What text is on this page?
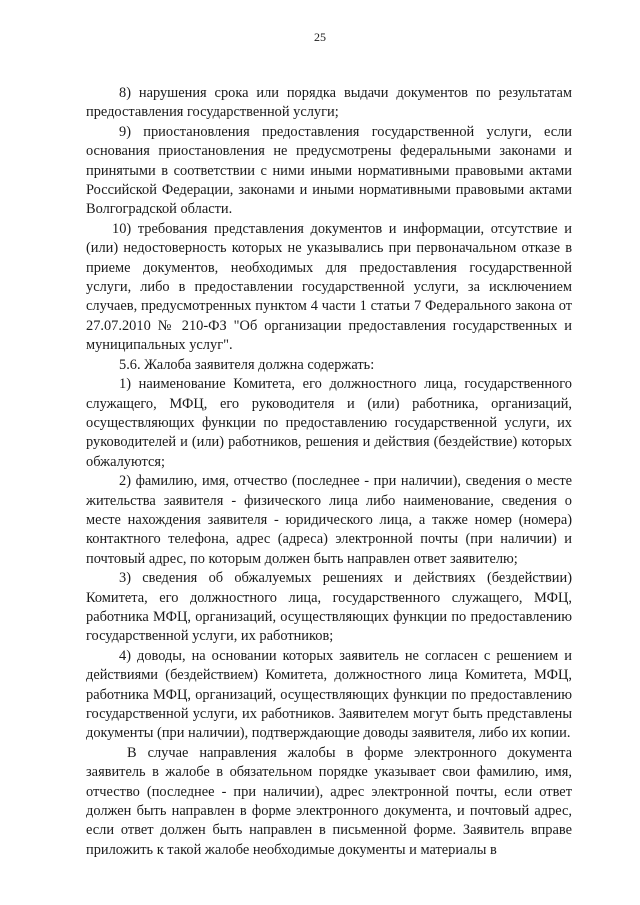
25

8) нарушения срока или порядка выдачи документов по результатам предоставления государственной услуги;

9) приостановления предоставления государственной услуги, если основания приостановления не предусмотрены федеральными законами и принятыми в соответствии с ними иными нормативными правовыми актами Российской Федерации, законами и иными нормативными правовыми актами Волгоградской области.

10) требования представления документов и информации, отсутствие и (или) недостоверность которых не указывались при первоначальном отказе в приеме документов, необходимых для предоставления государственной услуги, либо в предоставлении государственной услуги, за исключением случаев, предусмотренных пунктом 4 части 1 статьи 7 Федерального закона от 27.07.2010 № 210-ФЗ "Об организации предоставления государственных и муниципальных услуг".

5.6. Жалоба заявителя должна содержать:

1) наименование Комитета, его должностного лица, государственного служащего, МФЦ, его руководителя и (или) работника, организаций, осуществляющих функции по предоставлению государственной услуги, их руководителей и (или) работников, решения и действия (бездействие) которых обжалуются;

2) фамилию, имя, отчество (последнее - при наличии), сведения о месте жительства заявителя - физического лица либо наименование, сведения о месте нахождения заявителя - юридического лица, а также номер (номера) контактного телефона, адрес (адреса) электронной почты (при наличии) и почтовый адрес, по которым должен быть направлен ответ заявителю;

3) сведения об обжалуемых решениях и действиях (бездействии) Комитета, его должностного лица, государственного служащего, МФЦ, работника МФЦ, организаций, осуществляющих функции по предоставлению государственной услуги, их работников;

4) доводы, на основании которых заявитель не согласен с решением и действиями (бездействием) Комитета, должностного лица Комитета, МФЦ, работника МФЦ, организаций, осуществляющих функции по предоставлению государственной услуги, их работников. Заявителем могут быть представлены документы (при наличии), подтверждающие доводы заявителя, либо их копии.

В случае направления жалобы в форме электронного документа заявитель в жалобе в обязательном порядке указывает свои фамилию, имя, отчество (последнее - при наличии), адрес электронной почты, если ответ должен быть направлен в форме электронного документа, и почтовый адрес, если ответ должен быть направлен в письменной форме. Заявитель вправе приложить к такой жалобе необходимые документы и материалы в
